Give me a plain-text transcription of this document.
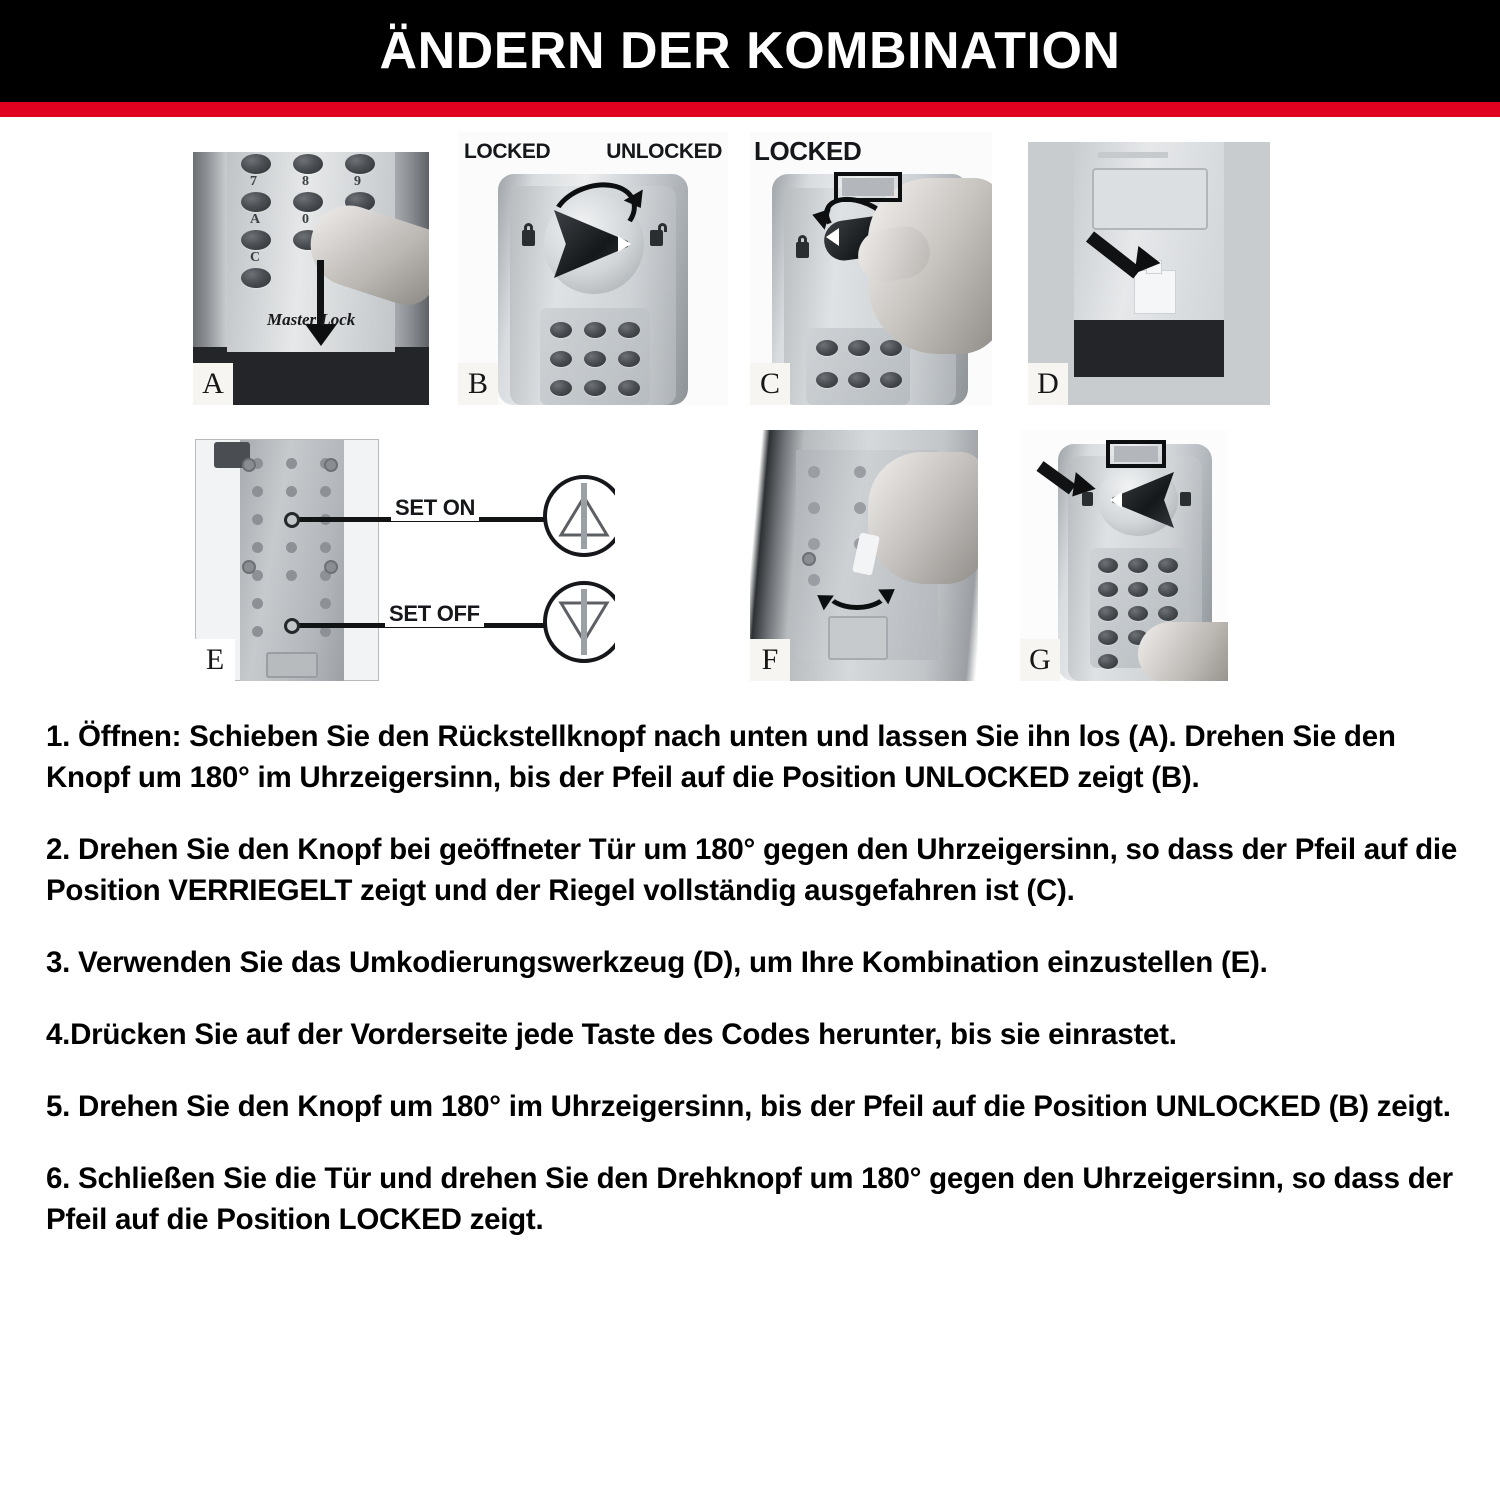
ÄNDERN DER KOMBINATION
7	8	9
A	0
C
Master Lock
A
LOCKED	UNLOCKED
B
LOCKED
C	D
SET ON
SET OFF
E	F	G

1. Öffnen: Schieben Sie den Rückstellknopf nach unten und lassen Sie ihn los (A). Drehen Sie den Knopf um 180° im Uhrzeigersinn, bis der Pfeil auf die Position UNLOCKED zeigt (B).

2. Drehen Sie den Knopf bei geöffneter Tür um 180° gegen den Uhrzeigersinn, so dass der Pfeil auf die Position VERRIEGELT zeigt und der Riegel vollständig ausgefahren ist (C).

3. Verwenden Sie das Umkodierungswerkzeug (D), um Ihre Kombination einzustellen (E).

4.Drücken Sie auf der Vorderseite jede Taste des Codes herunter, bis sie einrastet.

5. Drehen Sie den Knopf um 180° im Uhrzeigersinn, bis der Pfeil auf die Position UNLOCKED (B) zeigt.

6. Schließen Sie die Tür und drehen Sie den Drehknopf um 180° gegen den Uhrzeigersinn, so dass der Pfeil auf die Position LOCKED zeigt.
